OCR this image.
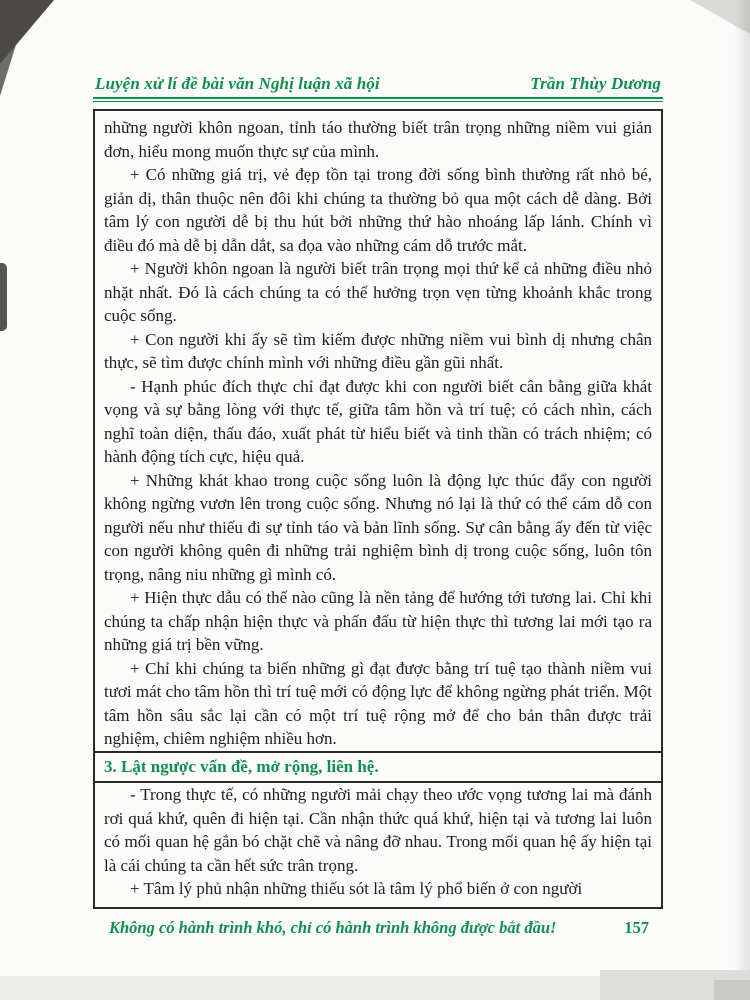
Luyện xử lí đề bài văn Nghị luận xã hội	Trần Thùy Dương
những người khôn ngoan, tỉnh táo thường biết trân trọng những niềm vui giản đơn, hiểu mong muốn thực sự của mình.
+ Có những giá trị, vẻ đẹp tồn tại trong đời sống bình thường rất nhỏ bé, giản dị, thân thuộc nên đôi khi chúng ta thường bỏ qua một cách dễ dàng. Bởi tâm lý con người dễ bị thu hút bởi những thứ hào nhoáng lấp lánh. Chính vì điều đó mà dễ bị dẫn dắt, sa đọa vào những cám dỗ trước mắt.
+ Người khôn ngoan là người biết trân trọng mọi thứ kể cả những điều nhỏ nhặt nhất. Đó là cách chúng ta có thể hưởng trọn vẹn từng khoảnh khắc trong cuộc sống.
+ Con người khi ấy sẽ tìm kiếm được những niềm vui bình dị nhưng chân thực, sẽ tìm được chính mình với những điều gần gũi nhất.
- Hạnh phúc đích thực chỉ đạt được khi con người biết cân bằng giữa khát vọng và sự bằng lòng với thực tế, giữa tâm hồn và trí tuệ; có cách nhìn, cách nghĩ toàn diện, thấu đáo, xuất phát từ hiểu biết và tinh thần có trách nhiệm; có hành động tích cực, hiệu quả.
+ Những khát khao trong cuộc sống luôn là động lực thúc đẩy con người không ngừng vươn lên trong cuộc sống. Nhưng nó lại là thứ có thể cám dỗ con người nếu như thiếu đi sự tỉnh táo và bản lĩnh sống. Sự cân bằng ấy đến từ việc con người không quên đi những trải nghiệm bình dị trong cuộc sống, luôn tôn trọng, nâng niu những gì mình có.
+ Hiện thực dẫu có thế nào cũng là nền tảng để hướng tới tương lai. Chỉ khi chúng ta chấp nhận hiện thực và phấn đấu từ hiện thực thì tương lai mới tạo ra những giá trị bền vững.
+ Chỉ khi chúng ta biến những gì đạt được bằng trí tuệ tạo thành niềm vui tươi mát cho tâm hồn thì trí tuệ mới có động lực để không ngừng phát triển. Một tâm hồn sâu sắc lại cần có một trí tuệ rộng mở để cho bản thân được trải nghiệm, chiêm nghiệm nhiều hơn.
3. Lật ngược vấn đề, mở rộng, liên hệ.
- Trong thực tế, có những người mải chạy theo ước vọng tương lai mà đánh rơi quá khứ, quên đi hiện tại. Cần nhận thức quá khứ, hiện tại và tương lai luôn có mối quan hệ gắn bó chặt chẽ và nâng đỡ nhau. Trong mối quan hệ ấy hiện tại là cái chúng ta cần hết sức trân trọng.
+ Tâm lý phủ nhận những thiếu sót là tâm lý phổ biến ở con người
Không có hành trình khó, chỉ có hành trình không được bắt đầu!	157
